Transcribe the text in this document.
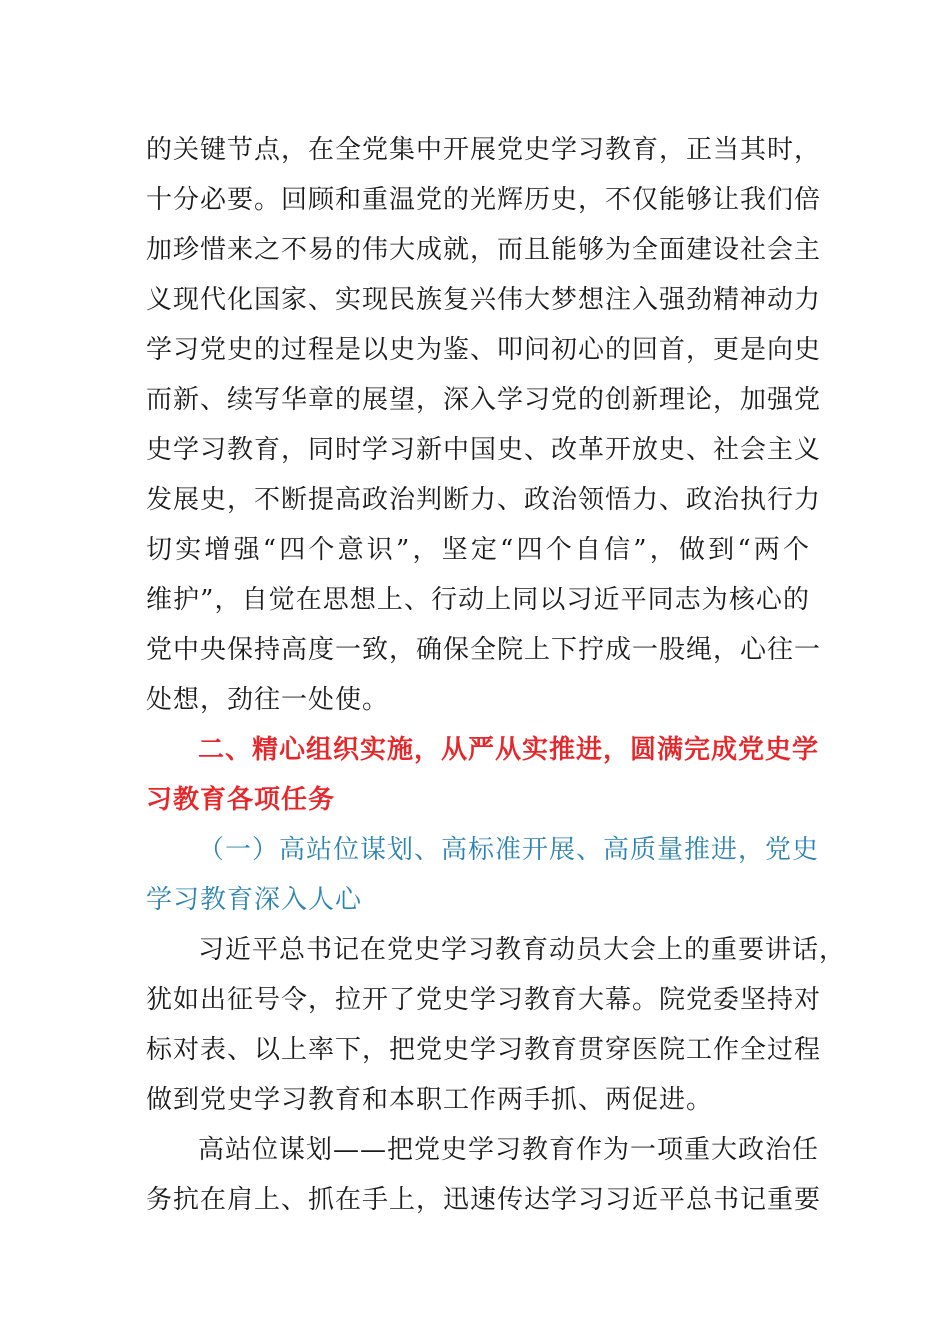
的关键节点，在全党集中开展党史学习教育，正当其时，
十分必要。回顾和重温党的光辉历史，不仅能够让我们倍
加珍惜来之不易的伟大成就，而且能够为全面建设社会主
义现代化国家、实现民族复兴伟大梦想注入强劲精神动力
学习党史的过程是以史为鉴、叩问初心的回首，更是向史
而新、续写华章的展望，深入学习党的创新理论，加强党
史学习教育，同时学习新中国史、改革开放史、社会主义
发展史，不断提高政治判断力、政治领悟力、政治执行力
切实增强“四个意识”，坚定“四个自信”，做到“两个
维护”，自觉在思想上、行动上同以习近平同志为核心的
党中央保持高度一致，确保全院上下拧成一股绳，心往一
处想，劲往一处使。
二、精心组织实施，从严从实推进，圆满完成党史学
习教育各项任务
（一）高站位谋划、高标准开展、高质量推进，党史
学习教育深入人心
习近平总书记在党史学习教育动员大会上的重要讲话，
犹如出征号令，拉开了党史学习教育大幕。院党委坚持对
标对表、以上率下，把党史学习教育贯穿医院工作全过程
做到党史学习教育和本职工作两手抓、两促进。
高站位谋划——把党史学习教育作为一项重大政治任
务抗在肩上、抓在手上，迅速传达学习习近平总书记重要
